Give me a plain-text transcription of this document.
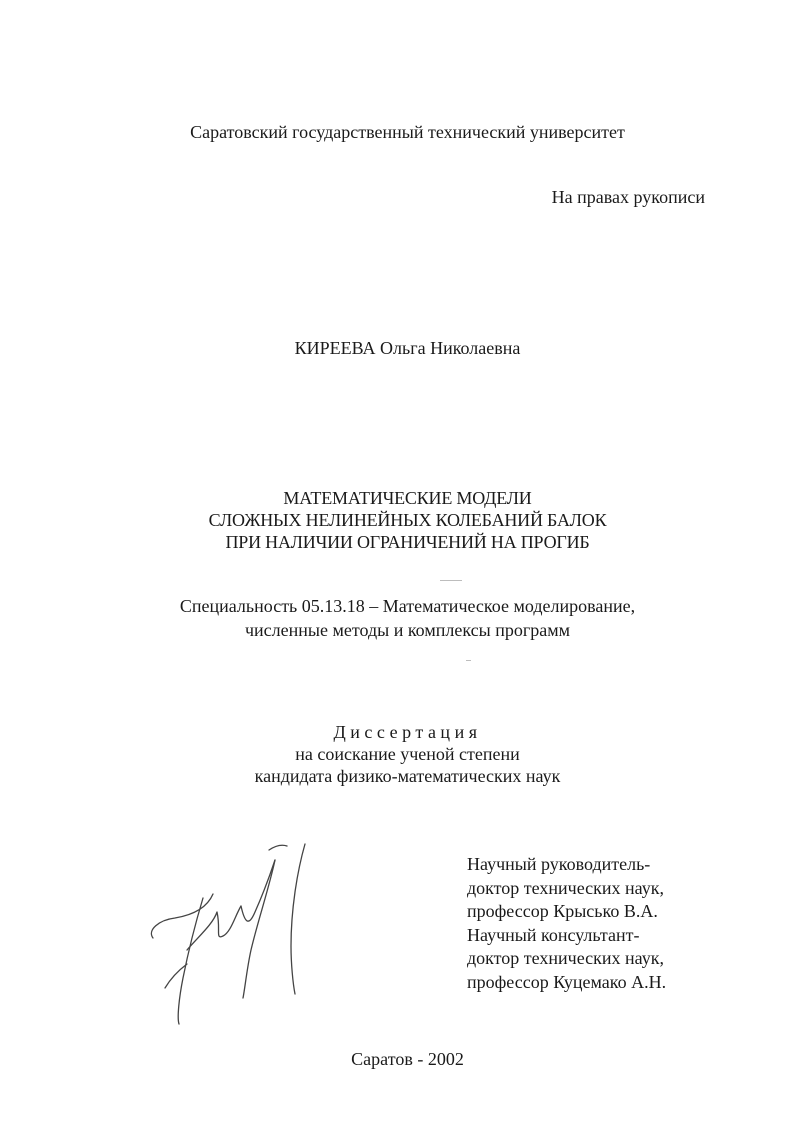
Саратовский государственный технический университет
На правах рукописи
КИРЕЕВА Ольга Николаевна
МАТЕМАТИЧЕСКИЕ МОДЕЛИ
СЛОЖНЫХ НЕЛИНЕЙНЫХ КОЛЕБАНИЙ БАЛОК
ПРИ НАЛИЧИИ ОГРАНИЧЕНИЙ НА ПРОГИБ
Специальность 05.13.18 – Математическое моделирование,
численные методы и комплексы программ
Диссертация
на соискание ученой степени
кандидата физико-математических наук
Научный руководитель-
доктор технических наук,
профессор Крысько В.А.
Научный консультант-
доктор технических наук,
профессор Куцемако А.Н.
Саратов - 2002
